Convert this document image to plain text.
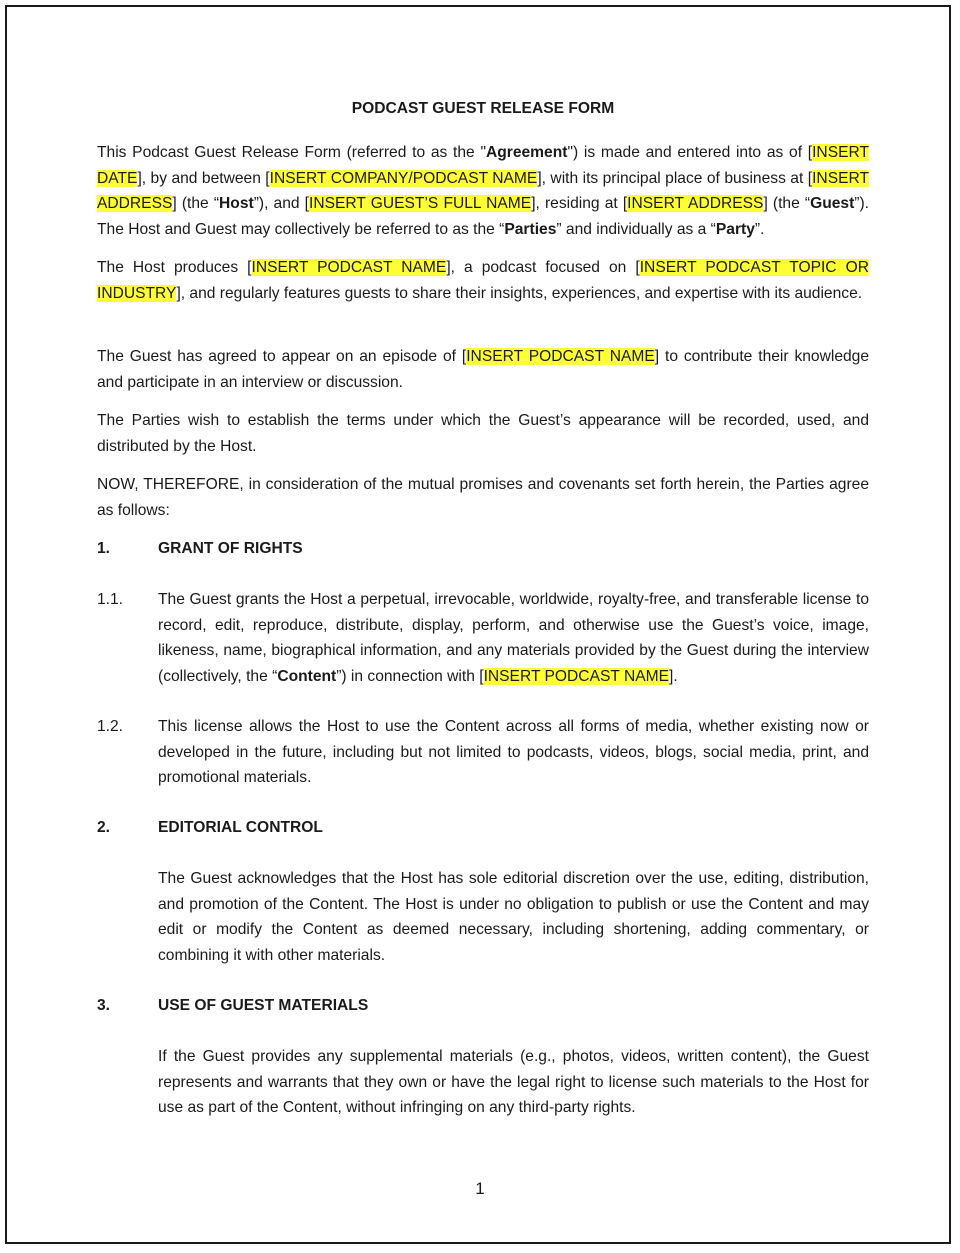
PODCAST GUEST RELEASE FORM

This Podcast Guest Release Form (referred to as the "Agreement") is made and entered into as of [INSERT DATE], by and between [INSERT COMPANY/PODCAST NAME], with its principal place of business at [INSERT ADDRESS] (the “Host”), and [INSERT GUEST’S FULL NAME], residing at [INSERT ADDRESS] (the “Guest”). The Host and Guest may collectively be referred to as the “Parties” and individually as a “Party”.

The Host produces [INSERT PODCAST NAME], a podcast focused on [INSERT PODCAST TOPIC OR INDUSTRY], and regularly features guests to share their insights, experiences, and expertise with its audience.

The Guest has agreed to appear on an episode of [INSERT PODCAST NAME] to contribute their knowledge and participate in an interview or discussion.

The Parties wish to establish the terms under which the Guest’s appearance will be recorded, used, and distributed by the Host.

NOW, THEREFORE, in consideration of the mutual promises and covenants set forth herein, the Parties agree as follows:

1.	GRANT OF RIGHTS
1.1. The Guest grants the Host a perpetual, irrevocable, worldwide, royalty-free, and transferable license to record, edit, reproduce, distribute, display, perform, and otherwise use the Guest’s voice, image, likeness, name, biographical information, and any materials provided by the Guest during the interview (collectively, the “Content”) in connection with [INSERT PODCAST NAME].

1.2. This license allows the Host to use the Content across all forms of media, whether existing now or developed in the future, including but not limited to podcasts, videos, blogs, social media, print, and promotional materials.

2.	EDITORIAL CONTROL

The Guest acknowledges that the Host has sole editorial discretion over the use, editing, distribution, and promotion of the Content. The Host is under no obligation to publish or use the Content and may edit or modify the Content as deemed necessary, including shortening, adding commentary, or combining it with other materials.

3.	USE OF GUEST MATERIALS

If the Guest provides any supplemental materials (e.g., photos, videos, written content), the Guest represents and warrants that they own or have the legal right to license such materials to the Host for use as part of the Content, without infringing on any third-party rights.

1
